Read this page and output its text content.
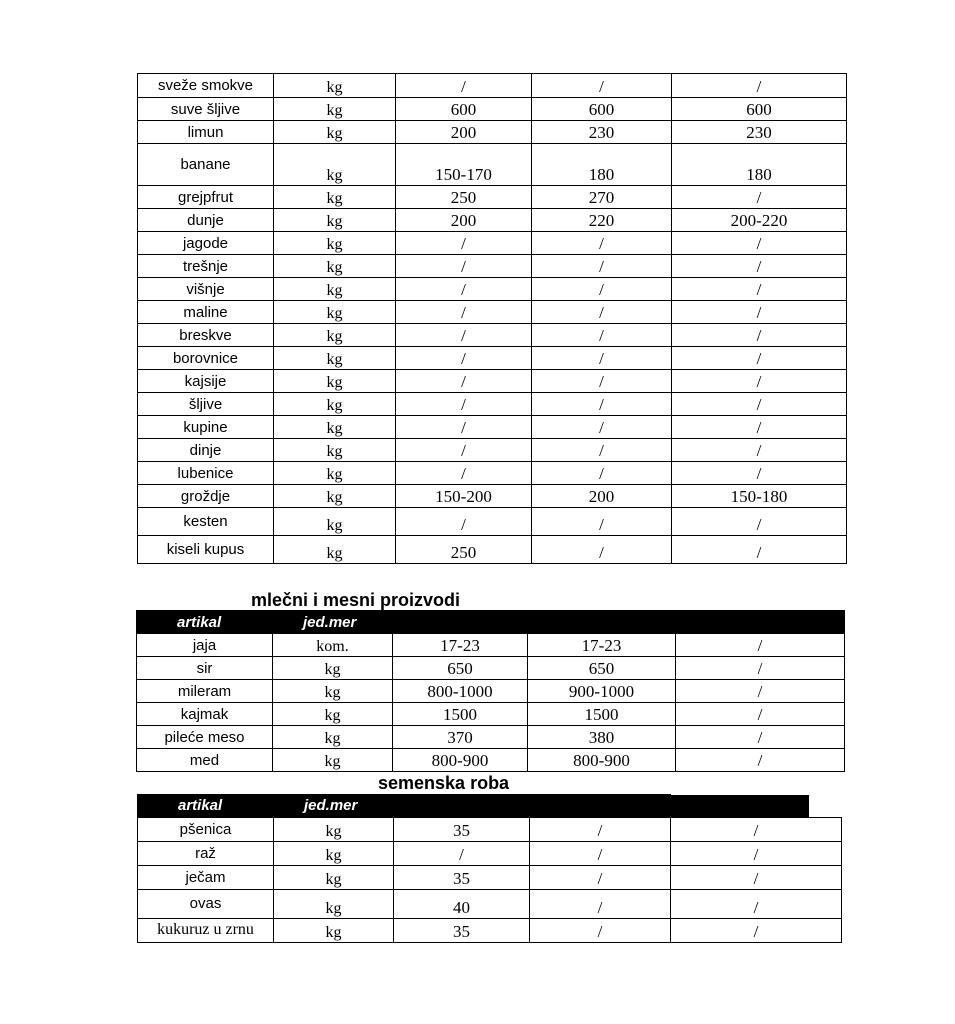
sveže smokve	kg	/	/	/
suve šljive	kg	600	600	600
limun	kg	200	230	230
banane	kg	150-170	180	180
grejpfrut	kg	250	270	/
dunje	kg	200	220	200-220
jagode	kg	/	/	/
trešnje	kg	/	/	/
višnje	kg	/	/	/
maline	kg	/	/	/
breskve	kg	/	/	/
borovnice	kg	/	/	/
kajsije	kg	/	/	/
šljive	kg	/	/	/
kupine	kg	/	/	/
dinje	kg	/	/	/
lubenice	kg	/	/	/
groždje	kg	150-200	200	150-180
kesten	kg	/	/	/
kiseli kupus	kg	250	/	/
mlečni i mesni proizvodi
artikal	jed.mer			
jaja	kom.	17-23	17-23	/
sir	kg	650	650	/
mileram	kg	800-1000	900-1000	/
kajmak	kg	1500	1500	/
pileće meso	kg	370	380	/
med	kg	800-900	800-900	/
semenska roba
artikal	jed.mer			

pšenica	kg	35	/	/
raž	kg	/	/	/
ječam	kg	35	/	/
ovas	kg	40	/	/
kukuruz u zrnu	kg	35	/	/
